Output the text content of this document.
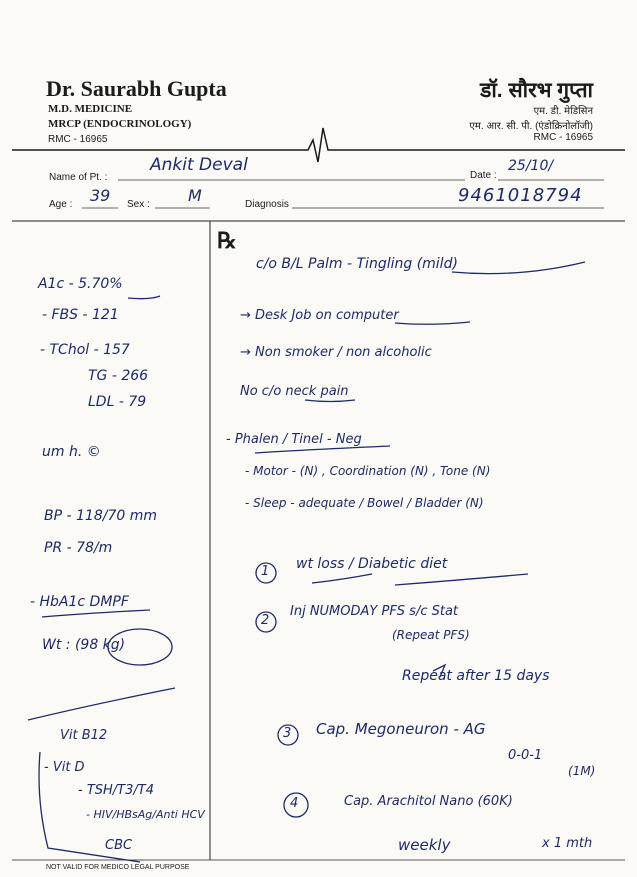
Dr. Saurabh Gupta
M.D. MEDICINE
MRCP (ENDOCRINOLOGY)
RMC - 16965
डॉ. सौरभ गुप्ता
एम. डी. मेडिसिन
एम. आर. सी. पी. (एंडोक्रिनोलॉजी)
RMC - 16965
Name of Pt. :
Ankit Deval
Date :
25/10/
Age : 39 Sex : M	Diagnosis	9461018794
℞
A1c - 5.70%
- FBS - 121
- TChol - 157
TG - 266
LDL - 79
um h. ©
BP - 118/70 mm
PR - 78/m
- HbA1c DMPF
Wt : (98 kg)
Vit B12
- Vit D
- TSH/T3/T4
- HIV/HBsAg/Anti HCV
CBC
c/o B/L Palm - Tingling (mild)
→ Desk Job on computer
→ Non smoker / non alcoholic
No c/o neck pain
- Phalen / Tinel - Neg
- Motor - (N) , Coordination (N) , Tone (N)
- Sleep - adequate / Bowel / Bladder (N)
1 wt loss / Diabetic diet
2
Inj NUMODAY PFS s/c Stat
(Repeat PFS)
Repeat after 15 days
3 Cap. Megoneuron - AG
0-0-1
(1M)
4	Cap. Arachitol Nano (60K)
weekly	x 1 mth
NOT VALID FOR MEDICO LEGAL PURPOSE
